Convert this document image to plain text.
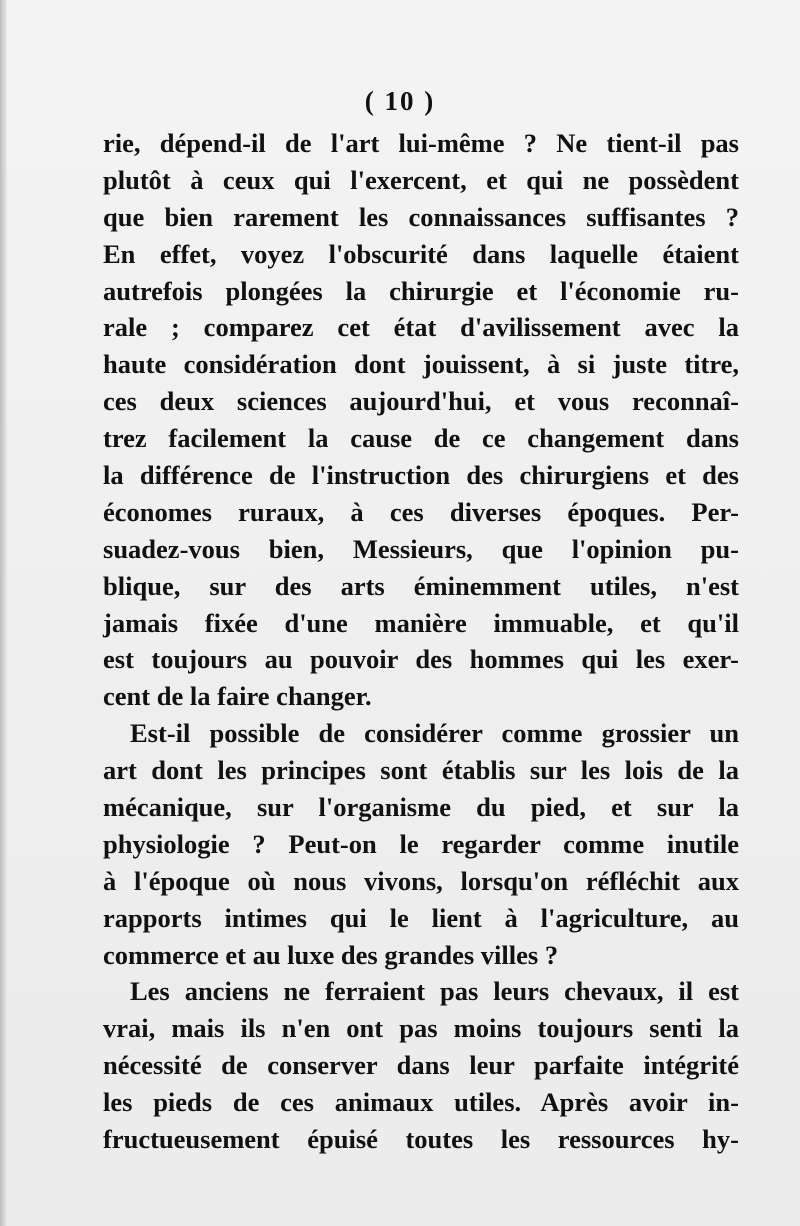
( 10 )
rie, dépend-il de l'art lui-même ? Ne tient-il pas
plutôt à ceux qui l'exercent, et qui ne possèdent
que bien rarement les connaissances suffisantes ?
En effet, voyez l'obscurité dans laquelle étaient
autrefois plongées la chirurgie et l'économie ru-
rale ; comparez cet état d'avilissement avec la
haute considération dont jouissent, à si juste titre,
ces deux sciences aujourd'hui, et vous reconnaî-
trez facilement la cause de ce changement dans
la différence de l'instruction des chirurgiens et des
économes ruraux, à ces diverses époques. Per-
suadez-vous bien, Messieurs, que l'opinion pu-
blique, sur des arts éminemment utiles, n'est
jamais fixée d'une manière immuable, et qu'il
est toujours au pouvoir des hommes qui les exer-
cent de la faire changer.
Est-il possible de considérer comme grossier un
art dont les principes sont établis sur les lois de la
mécanique, sur l'organisme du pied, et sur la
physiologie ? Peut-on le regarder comme inutile
à l'époque où nous vivons, lorsqu'on réfléchit aux
rapports intimes qui le lient à l'agriculture, au
commerce et au luxe des grandes villes ?
Les anciens ne ferraient pas leurs chevaux, il est
vrai, mais ils n'en ont pas moins toujours senti la
nécessité de conserver dans leur parfaite intégrité
les pieds de ces animaux utiles. Après avoir in-
fructueusement épuisé toutes les ressources hy-
